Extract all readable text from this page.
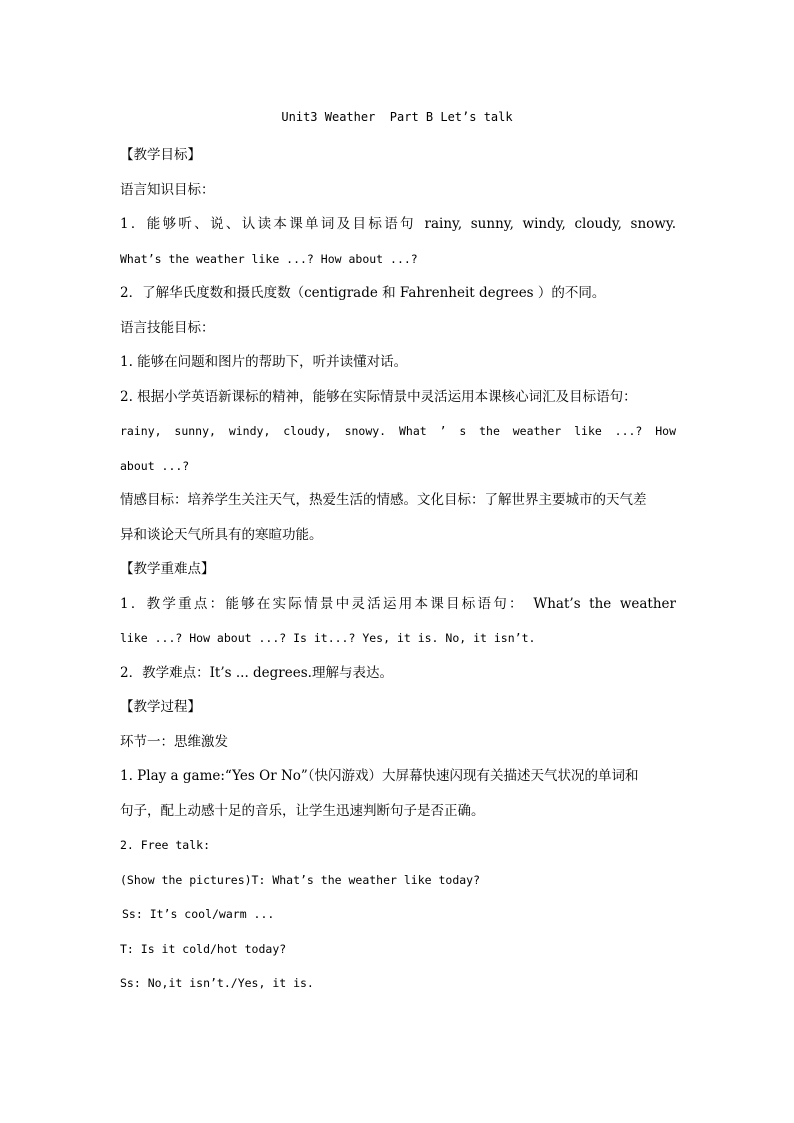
Unit3 Weather  Part B Let’s talk
【教学目标】
语言知识目标：
1．能够听、说、认读本课单词及目标语句 rainy, sunny, windy, cloudy, snowy.
What’s the weather like ...? How about ...?
2．了解华氏度数和摄氏度数（centigrade 和 Fahrenheit degrees ）的不同。
语言技能目标：
1. 能够在问题和图片的帮助下，听并读懂对话。
2. 根据小学英语新课标的精神，能够在实际情景中灵活运用本课核心词汇及目标语句：
rainy, sunny, windy, cloudy, snowy. What ’ s the weather like ...? How
about ...?
情感目标：培养学生关注天气，热爱生活的情感。文化目标：了解世界主要城市的天气差
异和谈论天气所具有的寒暄功能。
【教学重难点】
1．教学重点：能够在实际情景中灵活运用本课目标语句： What’s the weather
like ...? How about ...? Is it...? Yes, it is. No, it isn’t.
2．教学难点：It’s ... degrees.理解与表达。
【教学过程】
环节一：思维激发
1. Play a game:“Yes Or No”（快闪游戏）大屏幕快速闪现有关描述天气状况的单词和
句子，配上动感十足的音乐，让学生迅速判断句子是否正确。
2. Free talk:
(Show the pictures)T: What’s the weather like today?
Ss: It’s cool/warm ...
T: Is it cold/hot today?
Ss: No,it isn’t./Yes, it is.
